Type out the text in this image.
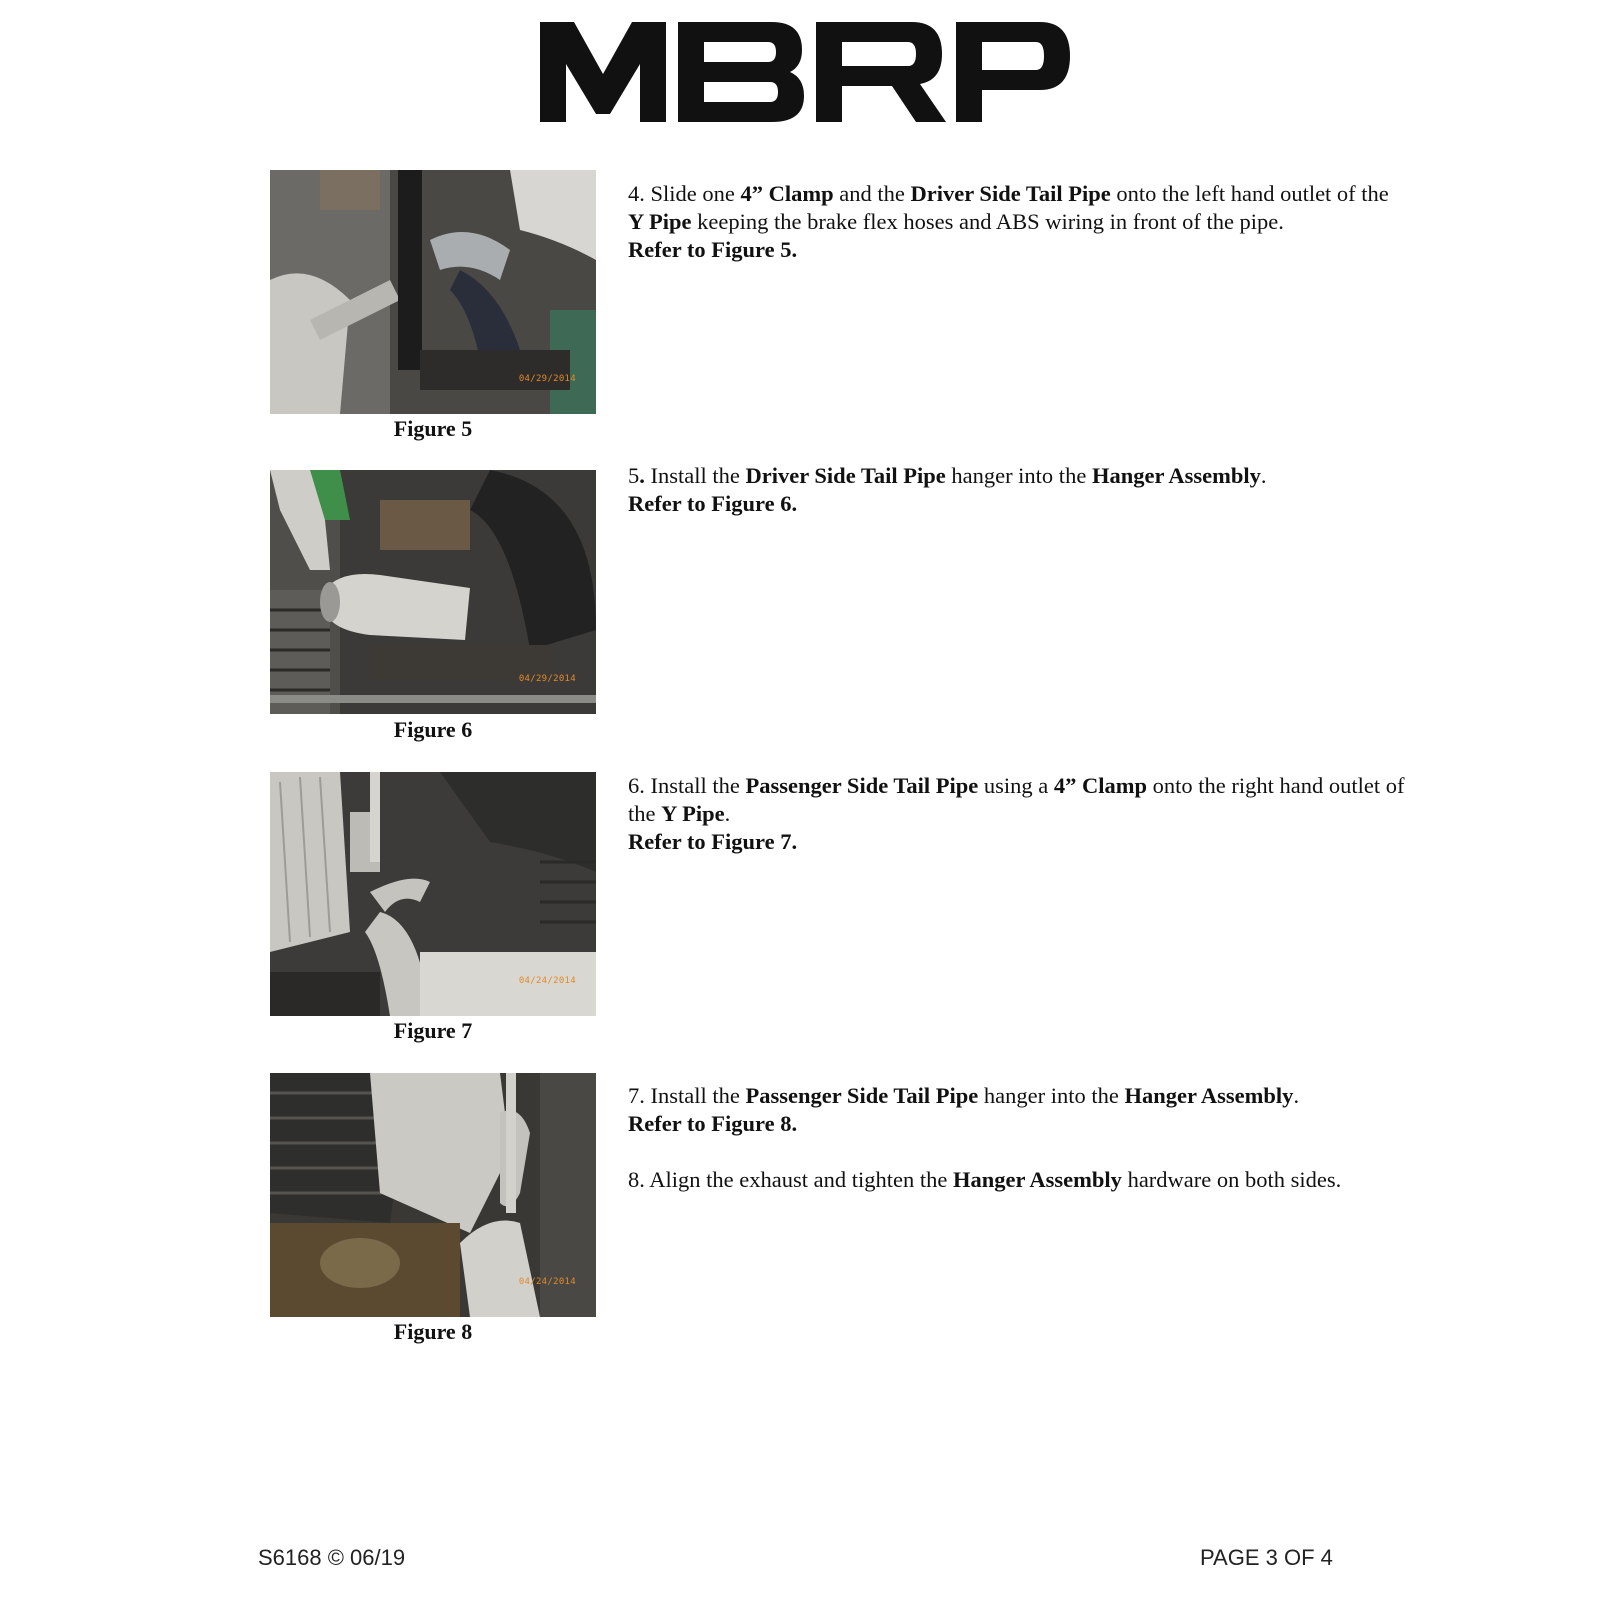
04/29/2014
Figure 5
04/29/2014
Figure 6
04/24/2014
Figure 7
04/24/2014
Figure 8

4. Slide one 4” Clamp and the Driver Side Tail Pipe onto the left hand outlet of the Y Pipe keeping the brake flex hoses and ABS wiring in front of the pipe.

Refer to Figure 5.

5. Install the Driver Side Tail Pipe hanger into the Hanger Assembly.

Refer to Figure 6.

6. Install the Passenger Side Tail Pipe using a 4” Clamp onto the right hand outlet of the Y Pipe.

Refer to Figure 7.

7. Install the Passenger Side Tail Pipe hanger into the Hanger Assembly.

Refer to Figure 8.

8. Align the exhaust and tighten the Hanger Assembly hardware on both sides.

S6168 © 06/19	PAGE 3 OF 4
